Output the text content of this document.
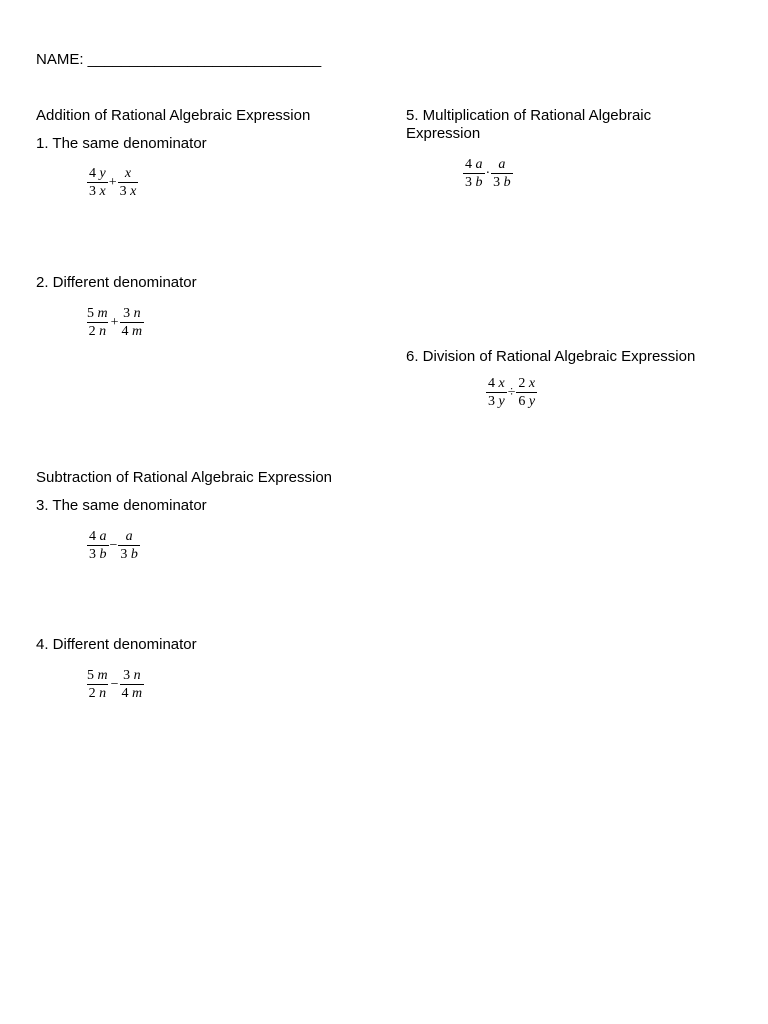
NAME: ____________________________
Addition of Rational Algebraic Expression
1. The same denominator
$\frac{4 y}{3 x} + \frac{x}{3 x}$
2. Different denominator
$\frac{5 m}{2 n} + \frac{3 n}{4 m}$
Subtraction of Rational Algebraic Expression
3. The same denominator
$\frac{4 a}{3 b} - \frac{a}{3 b}$
4. Different denominator
$\frac{5 m}{2 n} - \frac{3 n}{4 m}$
5. Multiplication of Rational Algebraic Expression
$\frac{4 a}{3 b} \cdot \frac{a}{3 b}$
6. Division of Rational Algebraic Expression
$\frac{4 x}{3 y} \div \frac{2 x}{6 y}$
